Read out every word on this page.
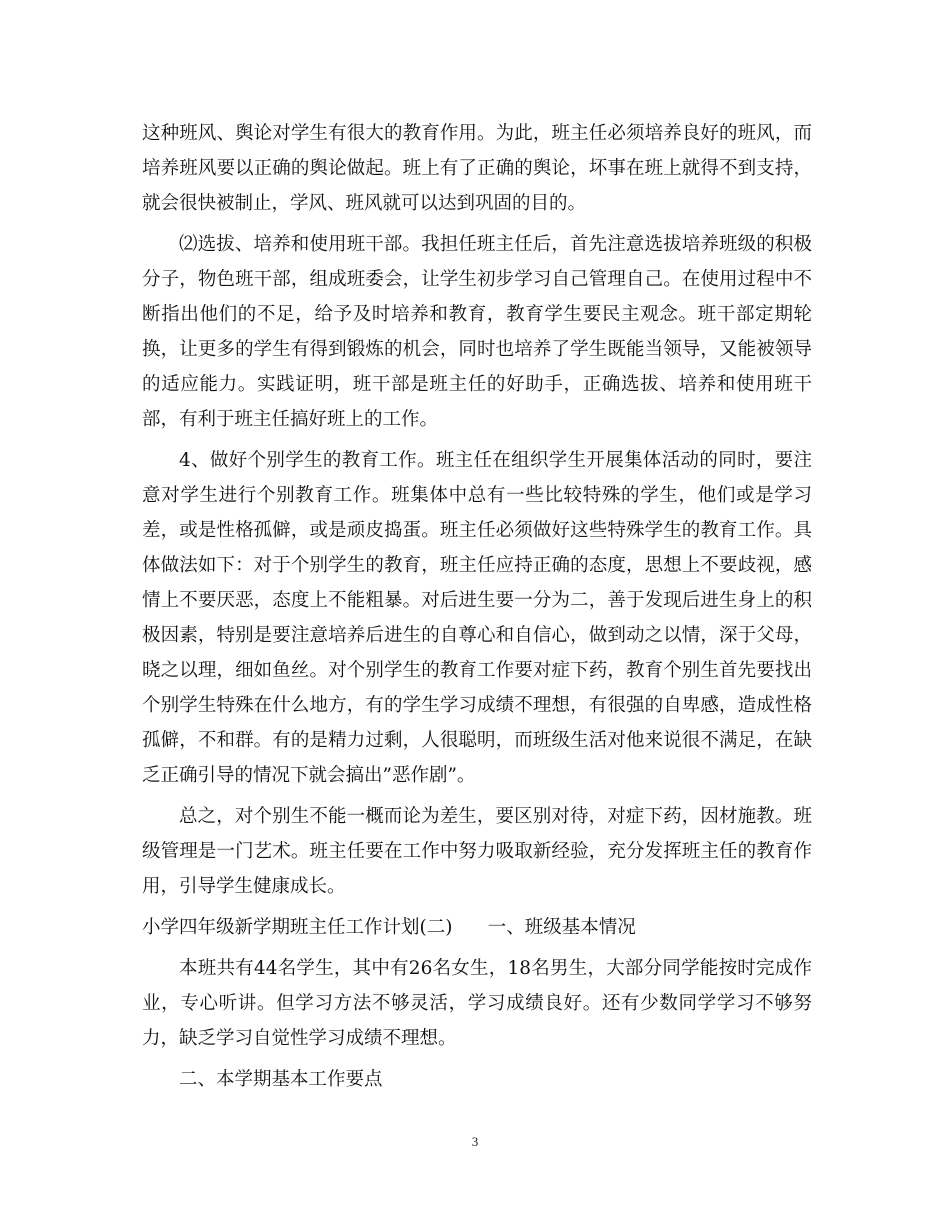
这种班风、舆论对学生有很大的教育作用。为此，班主任必须培养良好的班风，而培养班风要以正确的舆论做起。班上有了正确的舆论，坏事在班上就得不到支持，就会很快被制止，学风、班风就可以达到巩固的目的。

⑵选拔、培养和使用班干部。我担任班主任后，首先注意选拔培养班级的积极分子，物色班干部，组成班委会，让学生初步学习自己管理自己。在使用过程中不断指出他们的不足，给予及时培养和教育，教育学生要民主观念。班干部定期轮换，让更多的学生有得到锻炼的机会，同时也培养了学生既能当领导，又能被领导的适应能力。实践证明，班干部是班主任的好助手，正确选拔、培养和使用班干部，有利于班主任搞好班上的工作。

4、做好个别学生的教育工作。班主任在组织学生开展集体活动的同时，要注意对学生进行个别教育工作。班集体中总有一些比较特殊的学生，他们或是学习差，或是性格孤僻，或是顽皮捣蛋。班主任必须做好这些特殊学生的教育工作。具体做法如下：对于个别学生的教育，班主任应持正确的态度，思想上不要歧视，感情上不要厌恶，态度上不能粗暴。对后进生要一分为二，善于发现后进生身上的积极因素，特别是要注意培养后进生的自尊心和自信心，做到动之以情，深于父母，晓之以理，细如鱼丝。对个别学生的教育工作要对症下药，教育个别生首先要找出个别学生特殊在什么地方，有的学生学习成绩不理想，有很强的自卑感，造成性格孤僻，不和群。有的是精力过剩，人很聪明，而班级生活对他来说很不满足，在缺乏正确引导的情况下就会搞出”恶作剧”。

总之，对个别生不能一概而论为差生，要区别对待，对症下药，因材施教。班级管理是一门艺术。班主任要在工作中努力吸取新经验，充分发挥班主任的教育作用，引导学生健康成长。

小学四年级新学期班主任工作计划(二)      一、班级基本情况

本班共有44名学生，其中有26名女生，18名男生，大部分同学能按时完成作业，专心听讲。但学习方法不够灵活，学习成绩良好。还有少数同学学习不够努力，缺乏学习自觉性学习成绩不理想。

二、本学期基本工作要点

3
